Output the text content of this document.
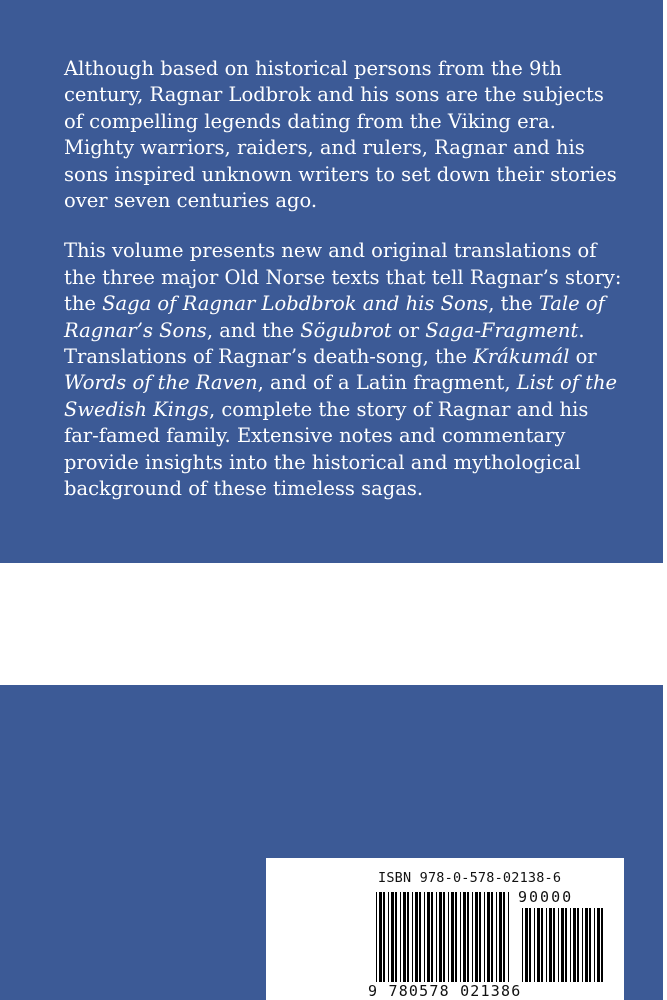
Although based on historical persons from the 9th century, Ragnar Lodbrok and his sons are the subjects of compelling legends dating from the Viking era. Mighty warriors, raiders, and rulers, Ragnar and his sons inspired unknown writers to set down their stories over seven centuries ago.

This volume presents new and original translations of the three major Old Norse texts that tell Ragnar’s story: the Saga of Ragnar Lobdbrok and his Sons, the Tale of Ragnar’s Sons, and the Sögubrot or Saga-Fragment. Translations of Ragnar’s death-song, the Krákumál or Words of the Raven, and of a Latin fragment, List of the Swedish Kings, complete the story of Ragnar and his far-famed family. Extensive notes and commentary provide insights into the historical and mythological background of these timeless sagas.

ISBN 978-0-578-02138-6
90000
9 780578 021386
